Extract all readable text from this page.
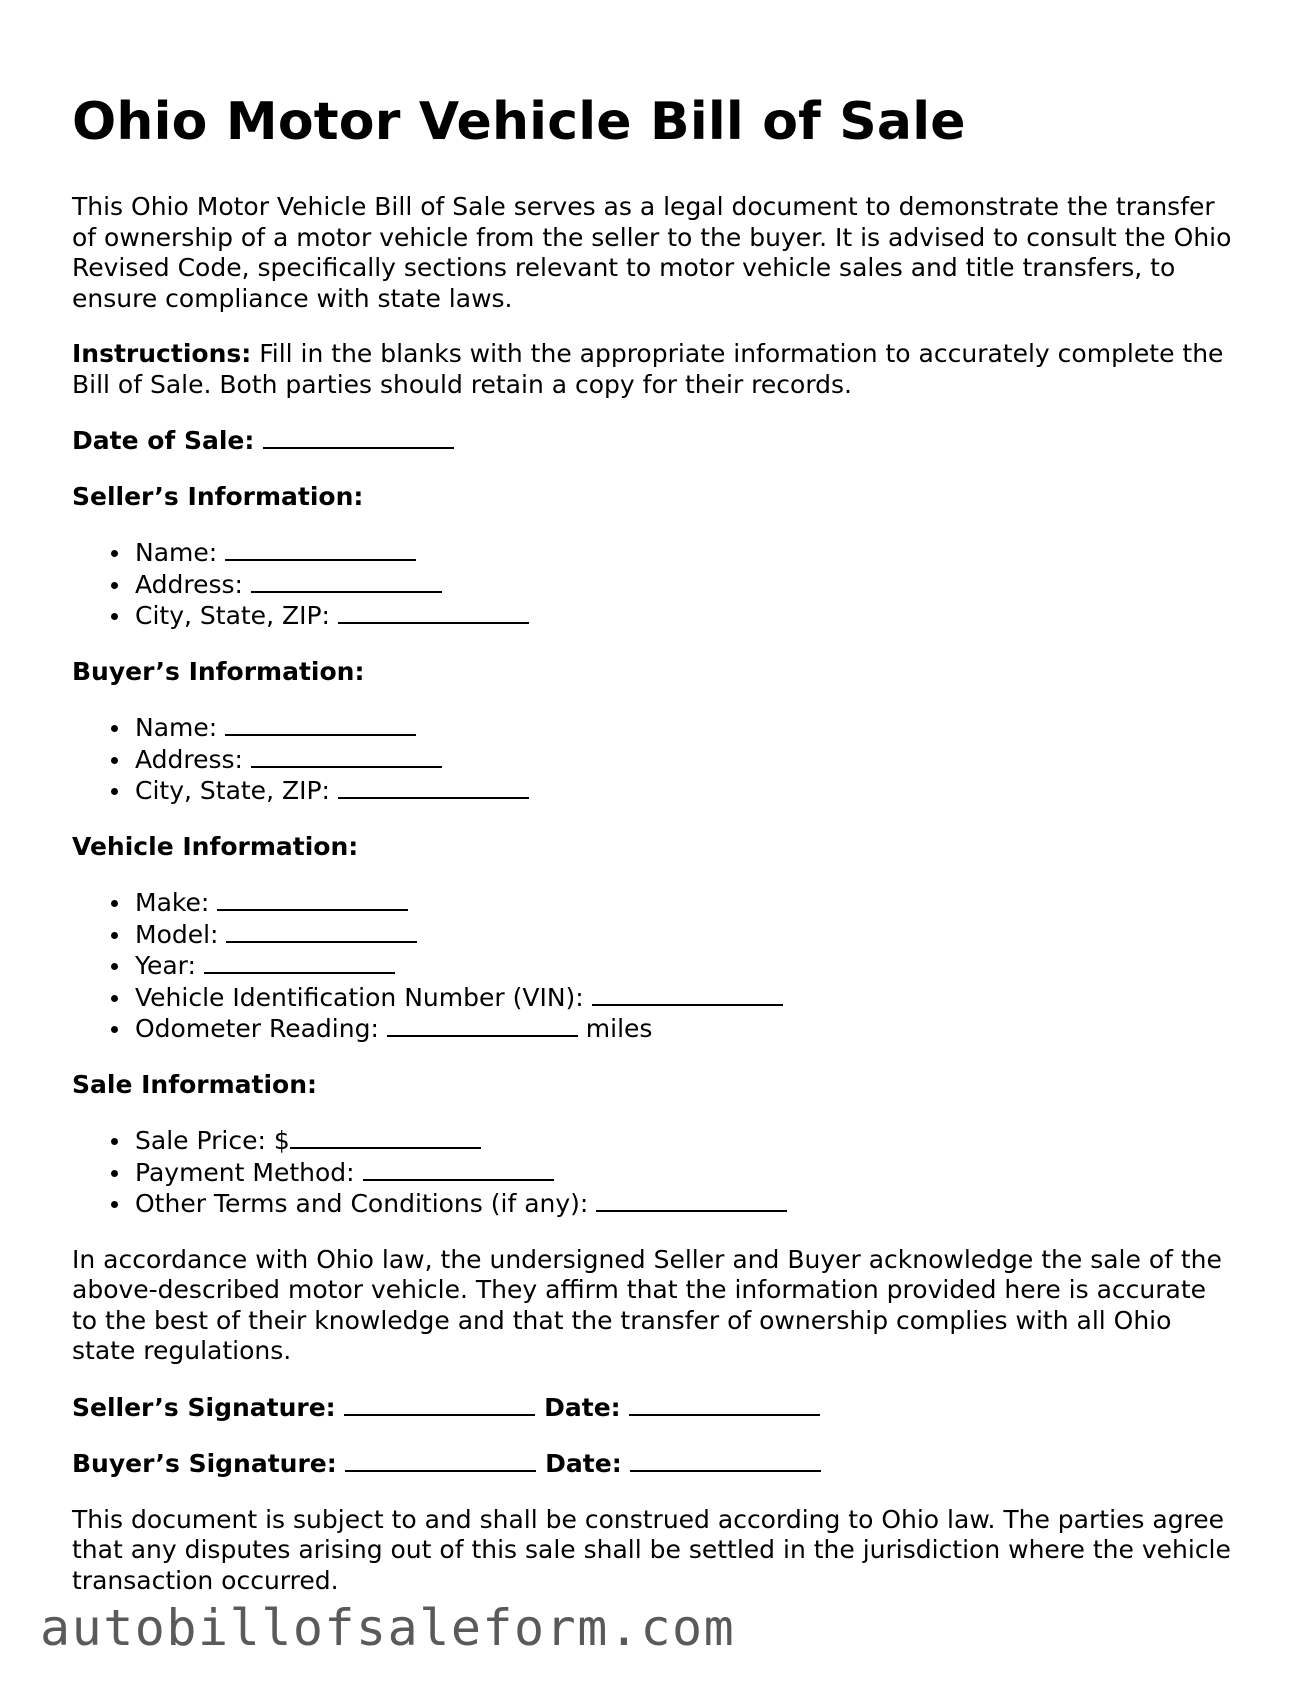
Ohio Motor Vehicle Bill of Sale

This Ohio Motor Vehicle Bill of Sale serves as a legal document to demonstrate the transfer of ownership of a motor vehicle from the seller to the buyer. It is advised to consult the Ohio Revised Code, specifically sections relevant to motor vehicle sales and title transfers, to ensure compliance with state laws.

Instructions: Fill in the blanks with the appropriate information to accurately complete the Bill of Sale. Both parties should retain a copy for their records.

Date of Sale:

Seller’s Information:

Name:
Address:
City, State, ZIP:

Buyer’s Information:

Name:
Address:
City, State, ZIP:

Vehicle Information:

Make:
Model:
Year:
Vehicle Identification Number (VIN):
Odometer Reading:	miles

Sale Information:

Sale Price: $
Payment Method:
Other Terms and Conditions (if any):

In accordance with Ohio law, the undersigned Seller and Buyer acknowledge the sale of the above-described motor vehicle. They affirm that the information provided here is accurate to the best of their knowledge and that the transfer of ownership complies with all Ohio state regulations.

Seller’s Signature:	Date:

Buyer’s Signature:	Date:

This document is subject to and shall be construed according to Ohio law. The parties agree that any disputes arising out of this sale shall be settled in the jurisdiction where the vehicle transaction occurred.

autobillofsaleform.com
